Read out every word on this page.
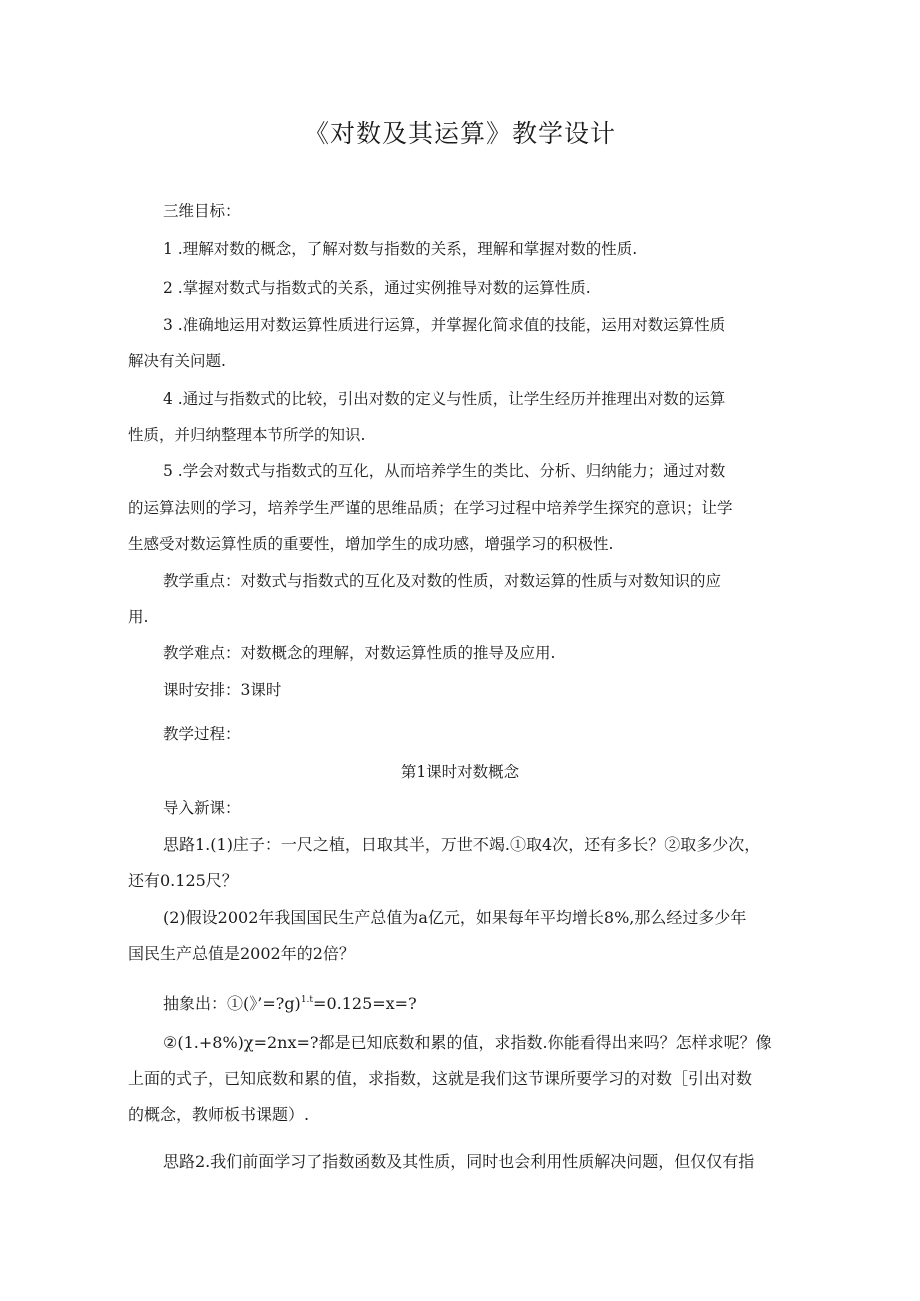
《对数及其运算》教学设计
三维目标：
1 .理解对数的概念，了解对数与指数的关系，理解和掌握对数的性质.
2 .掌握对数式与指数式的关系，通过实例推导对数的运算性质.
3 .准确地运用对数运算性质进行运算，并掌握化简求值的技能，运用对数运算性质
解决有关问题.
4 .通过与指数式的比较，引出对数的定义与性质，让学生经历并推理出对数的运算
性质，并归纳整理本节所学的知识.
5 .学会对数式与指数式的互化，从而培养学生的类比、分析、归纳能力；通过对数
的运算法则的学习，培养学生严谨的思维品质；在学习过程中培养学生探究的意识；让学
生感受对数运算性质的重要性，增加学生的成功感，增强学习的积极性.
教学重点：对数式与指数式的互化及对数的性质，对数运算的性质与对数知识的应
用.
教学难点：对数概念的理解，对数运算性质的推导及应用.
课时安排：3课时
教学过程：
第1课时对数概念
导入新课：
思路1.(1)庄子：一尺之植，日取其半，万世不竭.①取4次，还有多长？②取多少次，
还有0.125尺？
(2)假设2002年我国国民生产总值为a亿元，如果每年平均增长8%,那么经过多少年
国民生产总值是2002年的2倍？
抽象出：①(》’=?g)$^{1.t}$=0.125=x=?
②(1.+8%)χ=2nx=?都是已知底数和累的值，求指数.你能看得出来吗？怎样求呢？像
上面的式子，已知底数和累的值，求指数，这就是我们这节课所要学习的对数［引出对数
的概念，教师板书课题）.
思路2.我们前面学习了指数函数及其性质，同时也会利用性质解决问题，但仅仅有指
